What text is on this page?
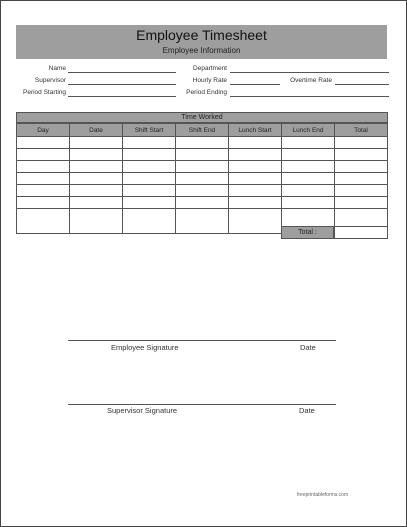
Employee Timesheet
Employee Information
Name	Department
Supervisor	Hourly Rate	Overtime Rate
Period Starting	Period Ending
Time Worked
Day	Date	Shift Start	Shift End	Lunch Start	Lunch End	Total

Total :
Employee Signature	Date
Supervisor Signature	Date
freeprintableforms.com
